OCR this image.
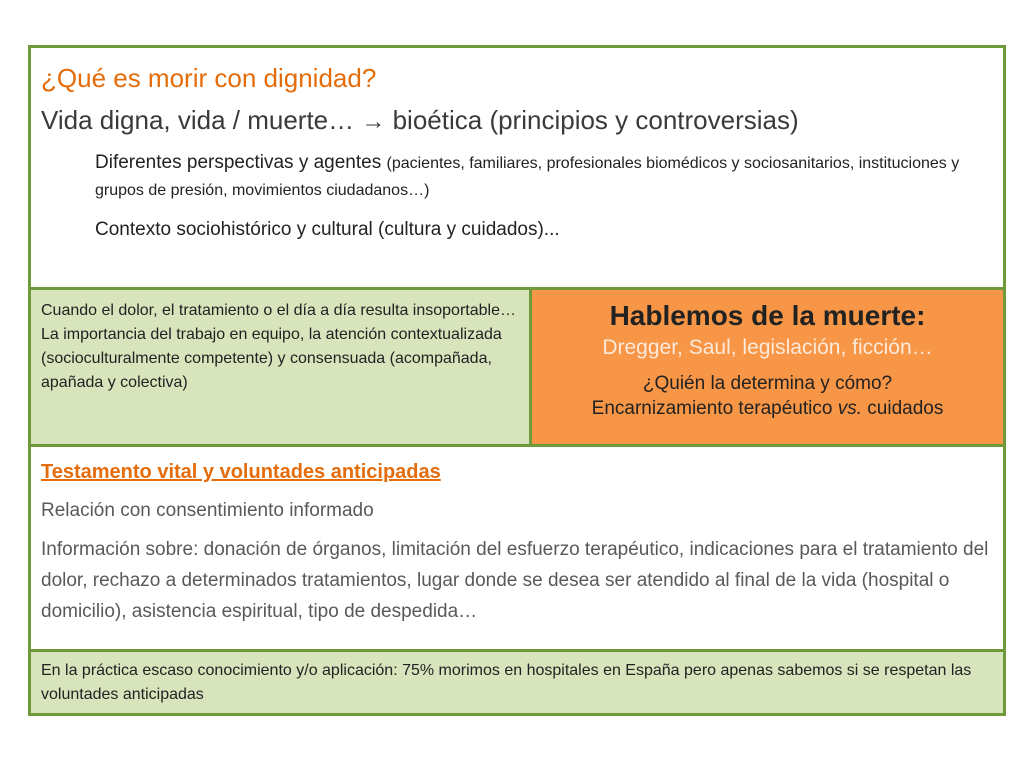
¿Qué es morir con dignidad?

Vida digna, vida / muerte… → bioética (principios y controversias)

Diferentes perspectivas y agentes (pacientes, familiares, profesionales biomédicos y sociosanitarios, instituciones y grupos de presión, movimientos ciudadanos…)
Contexto sociohistórico y cultural (cultura y cuidados)...

Cuando el dolor, el tratamiento o el día a día resulta insoportable…

La importancia del trabajo en equipo, la atención contextualizada (socioculturalmente competente) y consensuada (acompañada, apañada y colectiva)

Hablemos de la muerte:

Dregger, Saul, legislación, ficción…

¿Quién la determina y cómo?
Encarnizamiento terapéutico vs. cuidados

Testamento vital y voluntades anticipadas

Relación con consentimiento informado

Información sobre: donación de órganos, limitación del esfuerzo terapéutico, indicaciones para el tratamiento del dolor, rechazo a determinados tratamientos, lugar donde se desea ser atendido al final de la vida (hospital o domicilio), asistencia espiritual, tipo de despedida…

En la práctica escaso conocimiento y/o aplicación: 75% morimos en hospitales en España pero apenas sabemos si se respetan las voluntades anticipadas
